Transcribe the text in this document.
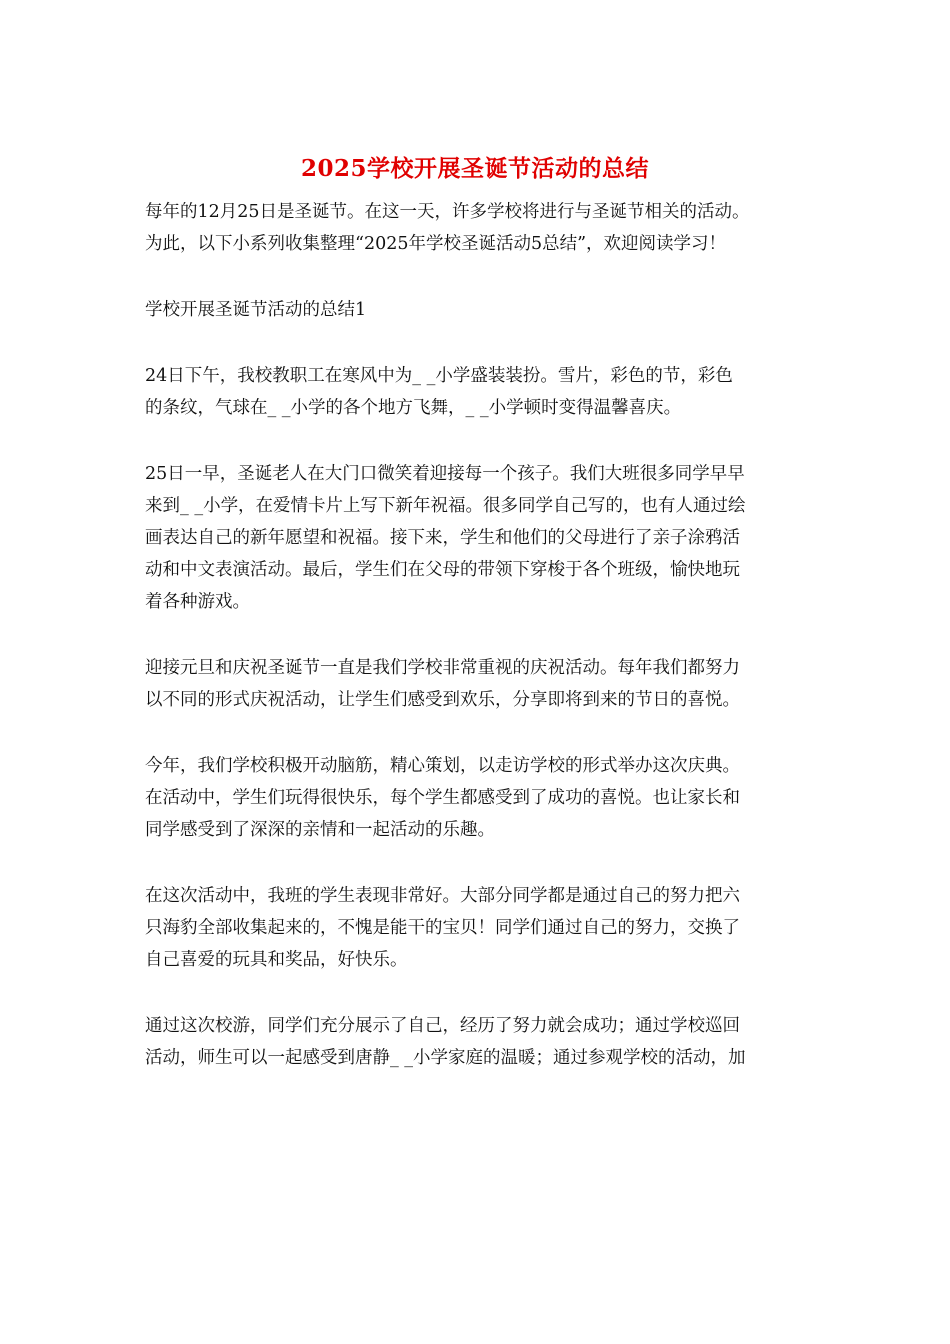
2025学校开展圣诞节活动的总结

每年的12月25日是圣诞节。在这一天，许多学校将进行与圣诞节相关的活动。
为此，以下小系列收集整理“2025年学校圣诞活动5总结”，欢迎阅读学习！

学校开展圣诞节活动的总结1

24日下午，我校教职工在寒风中为_ _小学盛装装扮。雪片，彩色的节，彩色
的条纹，气球在_ _小学的各个地方飞舞，_ _小学顿时变得温馨喜庆。

25日一早，圣诞老人在大门口微笑着迎接每一个孩子。我们大班很多同学早早
来到_ _小学，在爱情卡片上写下新年祝福。很多同学自己写的，也有人通过绘
画表达自己的新年愿望和祝福。接下来，学生和他们的父母进行了亲子涂鸦活
动和中文表演活动。最后，学生们在父母的带领下穿梭于各个班级，愉快地玩
着各种游戏。

迎接元旦和庆祝圣诞节一直是我们学校非常重视的庆祝活动。每年我们都努力
以不同的形式庆祝活动，让学生们感受到欢乐，分享即将到来的节日的喜悦。

今年，我们学校积极开动脑筋，精心策划，以走访学校的形式举办这次庆典。
在活动中，学生们玩得很快乐，每个学生都感受到了成功的喜悦。也让家长和
同学感受到了深深的亲情和一起活动的乐趣。

在这次活动中，我班的学生表现非常好。大部分同学都是通过自己的努力把六
只海豹全部收集起来的，不愧是能干的宝贝！同学们通过自己的努力，交换了
自己喜爱的玩具和奖品，好快乐。

通过这次校游，同学们充分展示了自己，经历了努力就会成功；通过学校巡回
活动，师生可以一起感受到唐静_ _小学家庭的温暖；通过参观学校的活动，加
